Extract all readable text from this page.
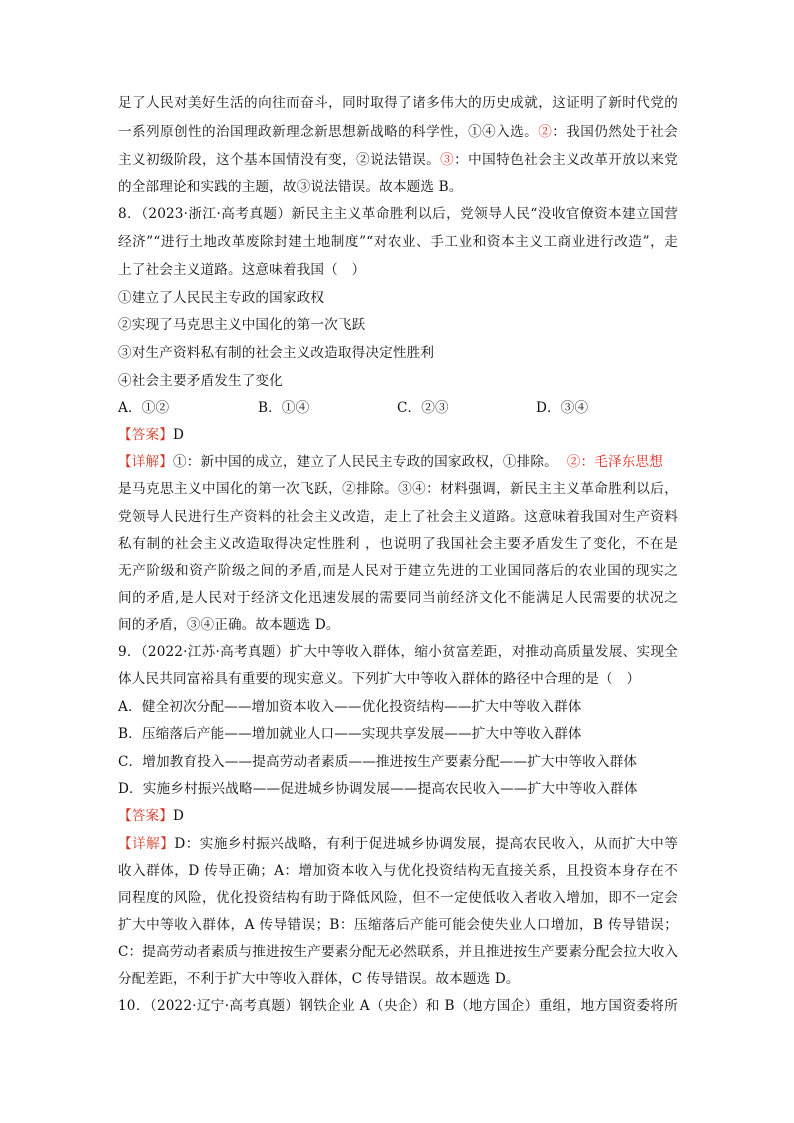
足了人民对美好生活的向往而奋斗，同时取得了诸多伟大的历史成就，这证明了新时代党的
一系列原创性的治国理政新理念新思想新战略的科学性，①④入选。②：我国仍然处于社会
主义初级阶段，这个基本国情没有变，②说法错误。③：中国特色社会主义改革开放以来党
的全部理论和实践的主题，故③说法错误。故本题选 B。
8．（2023·浙江·高考真题）新民主主义革命胜利以后，党领导人民“没收官僚资本建立国营
经济”“进行土地改革废除封建土地制度”“对农业、手工业和资本主义工商业进行改造”，走
上了社会主义道路。这意味着我国（　）
①建立了人民民主专政的国家政权
②实现了马克思主义中国化的第一次飞跃
③对生产资料私有制的社会主义改造取得决定性胜利
④社会主要矛盾发生了变化
A．①②	B．①④	C．②③	D．③④
【答案】D
【详解】①：新中国的成立，建立了人民民主专政的国家政权，①排除。 ②：毛泽东思想
是马克思主义中国化的第一次飞跃，②排除。③④：材料强调，新民主主义革命胜利以后，
党领导人民进行生产资料的社会主义改造，走上了社会主义道路。这意味着我国对生产资料
私有制的社会主义改造取得决定性胜利 ，也说明了我国社会主要矛盾发生了变化，不在是
无产阶级和资产阶级之间的矛盾,而是人民对于建立先进的工业国同落后的农业国的现实之
间的矛盾,是人民对于经济文化迅速发展的需要同当前经济文化不能满足人民需要的状况之
间的矛盾，③④正确。故本题选 D。
9．（2022·江苏·高考真题）扩大中等收入群体，缩小贫富差距，对推动高质量发展、实现全
体人民共同富裕具有重要的现实意义。下列扩大中等收入群体的路径中合理的是（　）
A．健全初次分配——增加资本收入——优化投资结构——扩大中等收入群体
B．压缩落后产能——增加就业人口——实现共享发展——扩大中等收入群体
C．增加教育投入——提高劳动者素质——推进按生产要素分配——扩大中等收入群体
D．实施乡村振兴战略——促进城乡协调发展——提高农民收入——扩大中等收入群体
【答案】D
【详解】D：实施乡村振兴战略，有利于促进城乡协调发展，提高农民收入，从而扩大中等
收入群体，D 传导正确；A：增加资本收入与优化投资结构无直接关系，且投资本身存在不
同程度的风险，优化投资结构有助于降低风险，但不一定使低收入者收入增加，即不一定会
扩大中等收入群体，A 传导错误；B：压缩落后产能可能会使失业人口增加，B 传导错误；
C：提高劳动者素质与推进按生产要素分配无必然联系，并且推进按生产要素分配会拉大收入
分配差距，不利于扩大中等收入群体，C 传导错误。故本题选 D。
10．（2022·辽宁·高考真题）钢铁企业 A（央企）和 B（地方国企）重组，地方国资委将所
